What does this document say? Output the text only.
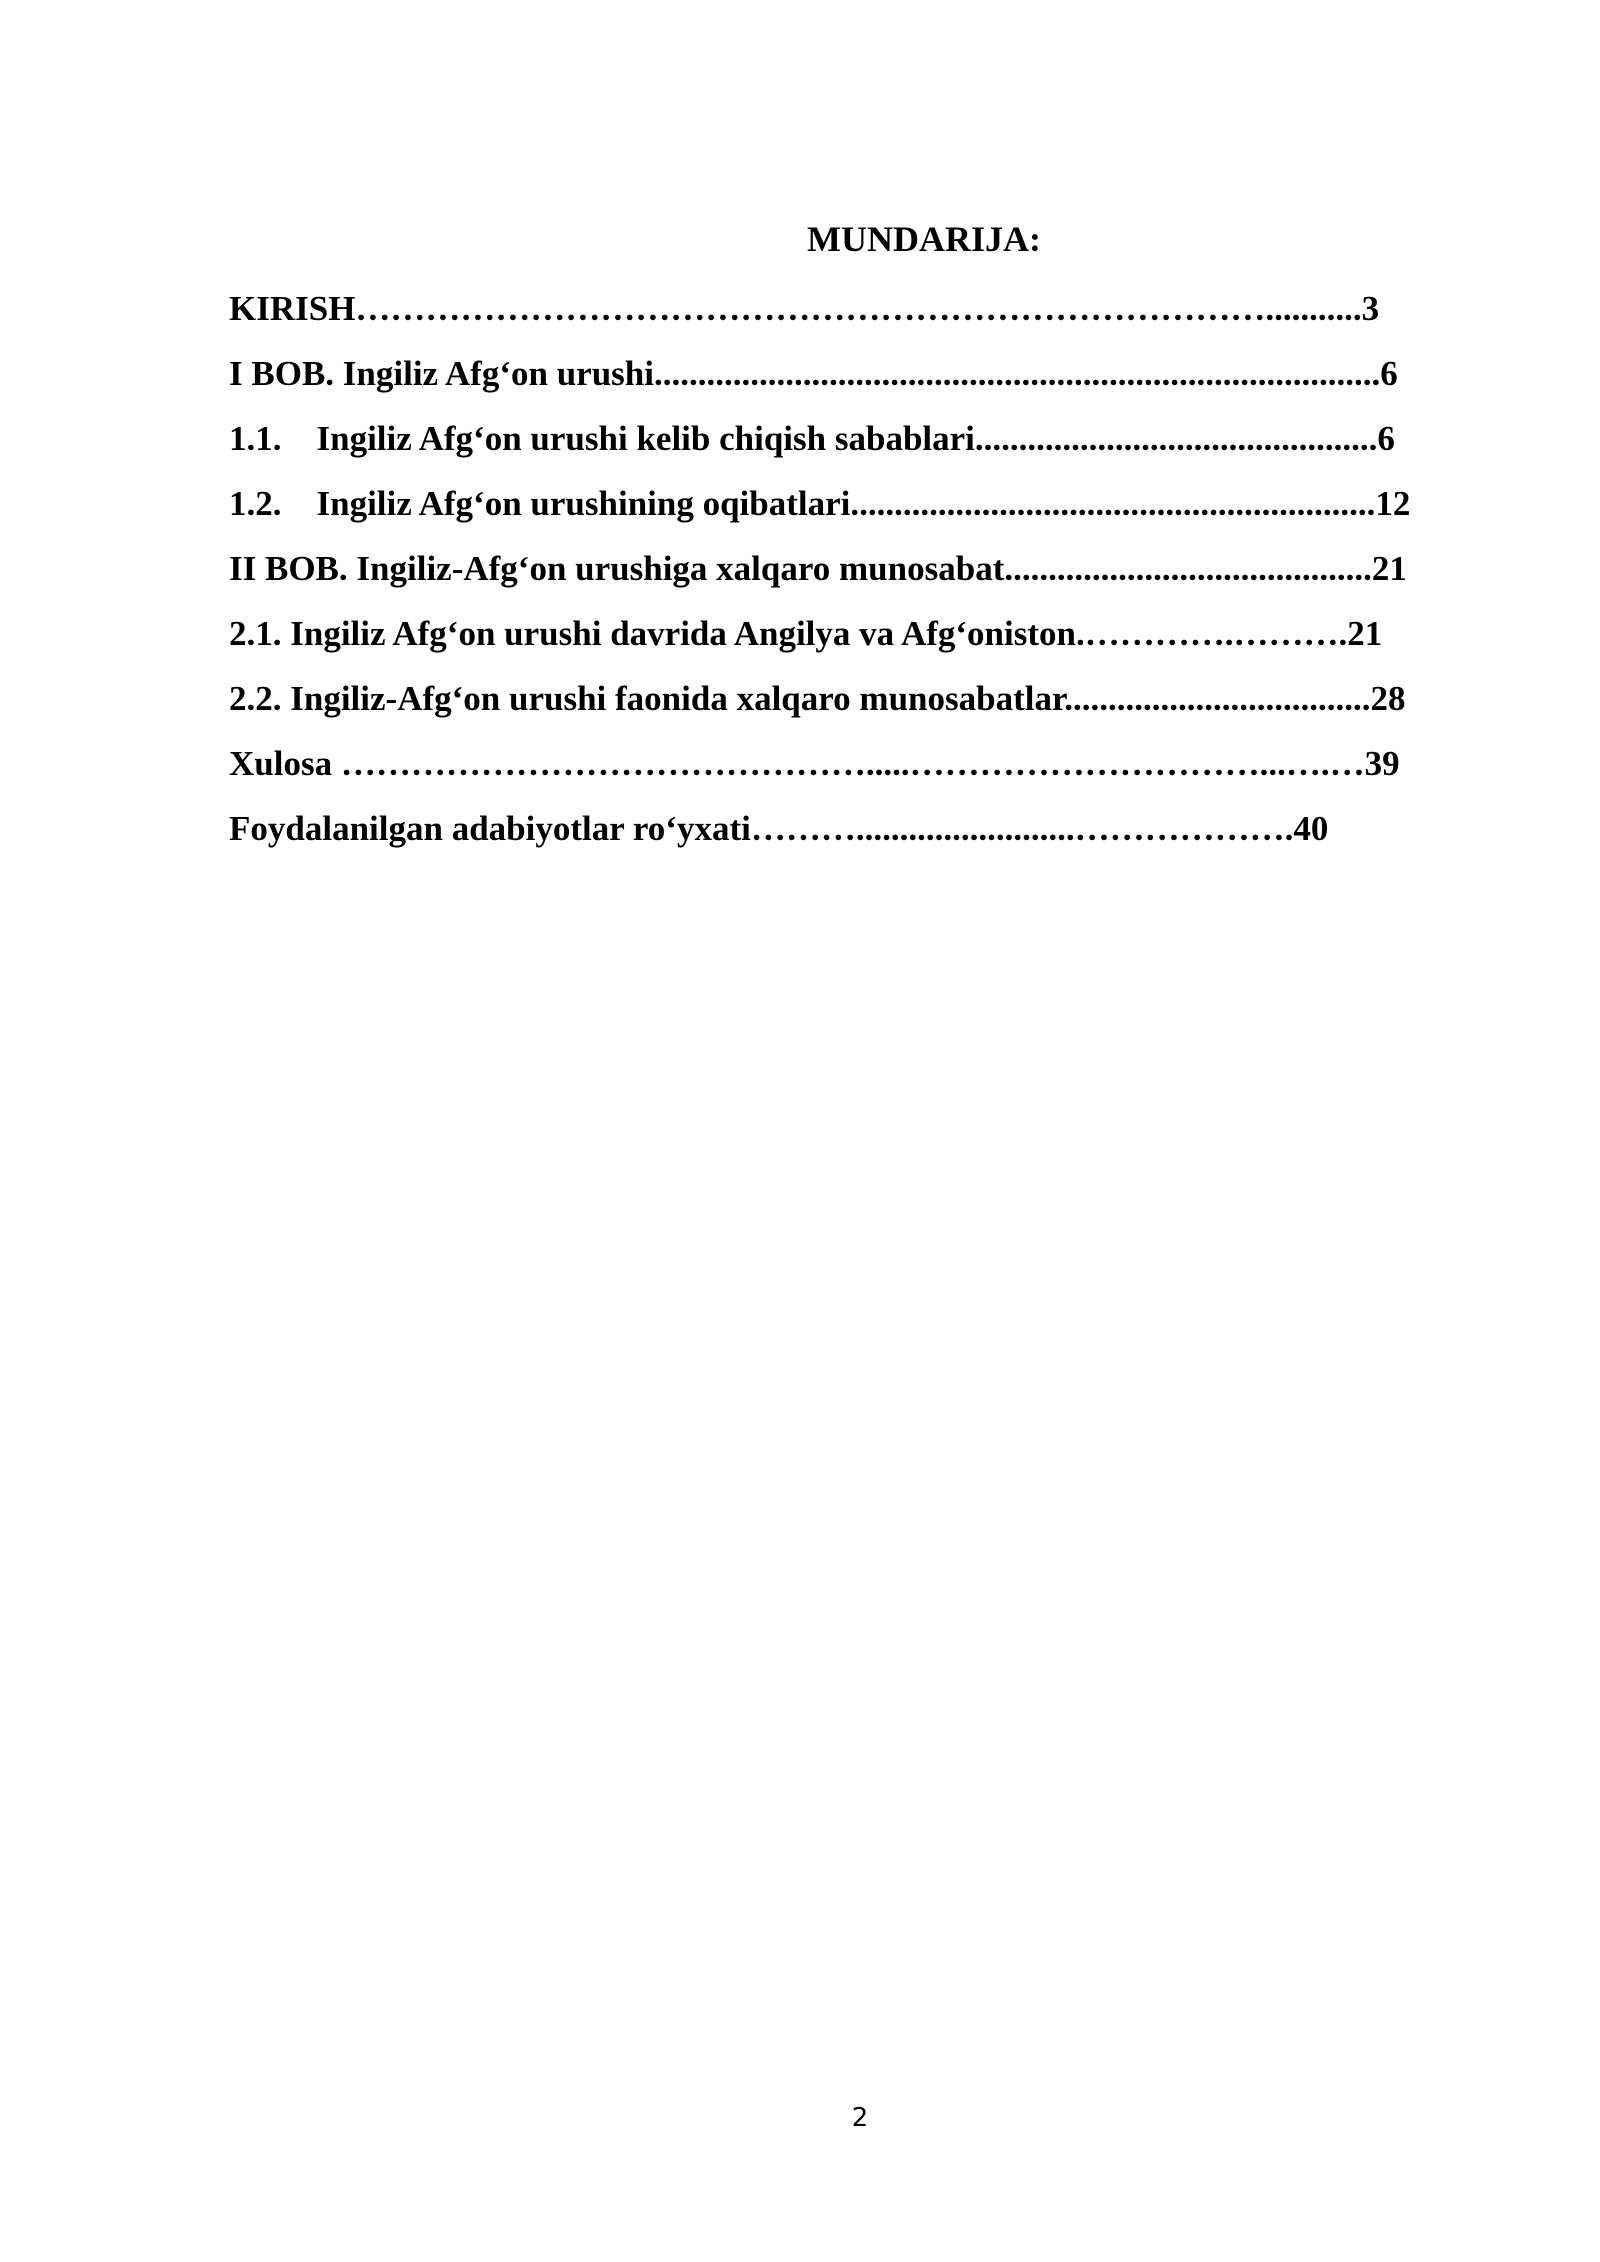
MUNDARIJA:
KIRISH……………………………………………………………………...........3
I BOB. Ingiliz Afg‘on urushi...................................................................................6
1.1.    Ingiliz Afg‘on urushi kelib chiqish sabablari..............................................6
1.2.    Ingiliz Afg‘on urushining oqibatlari............................................................12
II BOB. Ingiliz-Afg‘on urushiga xalqaro munosabat..........................................21
2.1. Ingiliz Afg‘on urushi davrida Angilya va Afg‘oniston.………….……….21
2.2. Ingiliz-Afg‘on urushi faonida xalqaro munosabatlar...................................28
Xulosa ……………………………………….....…………………………...….…39
Foydalanilgan adabiyotlar ro‘yxati……….........................……………….40
2
